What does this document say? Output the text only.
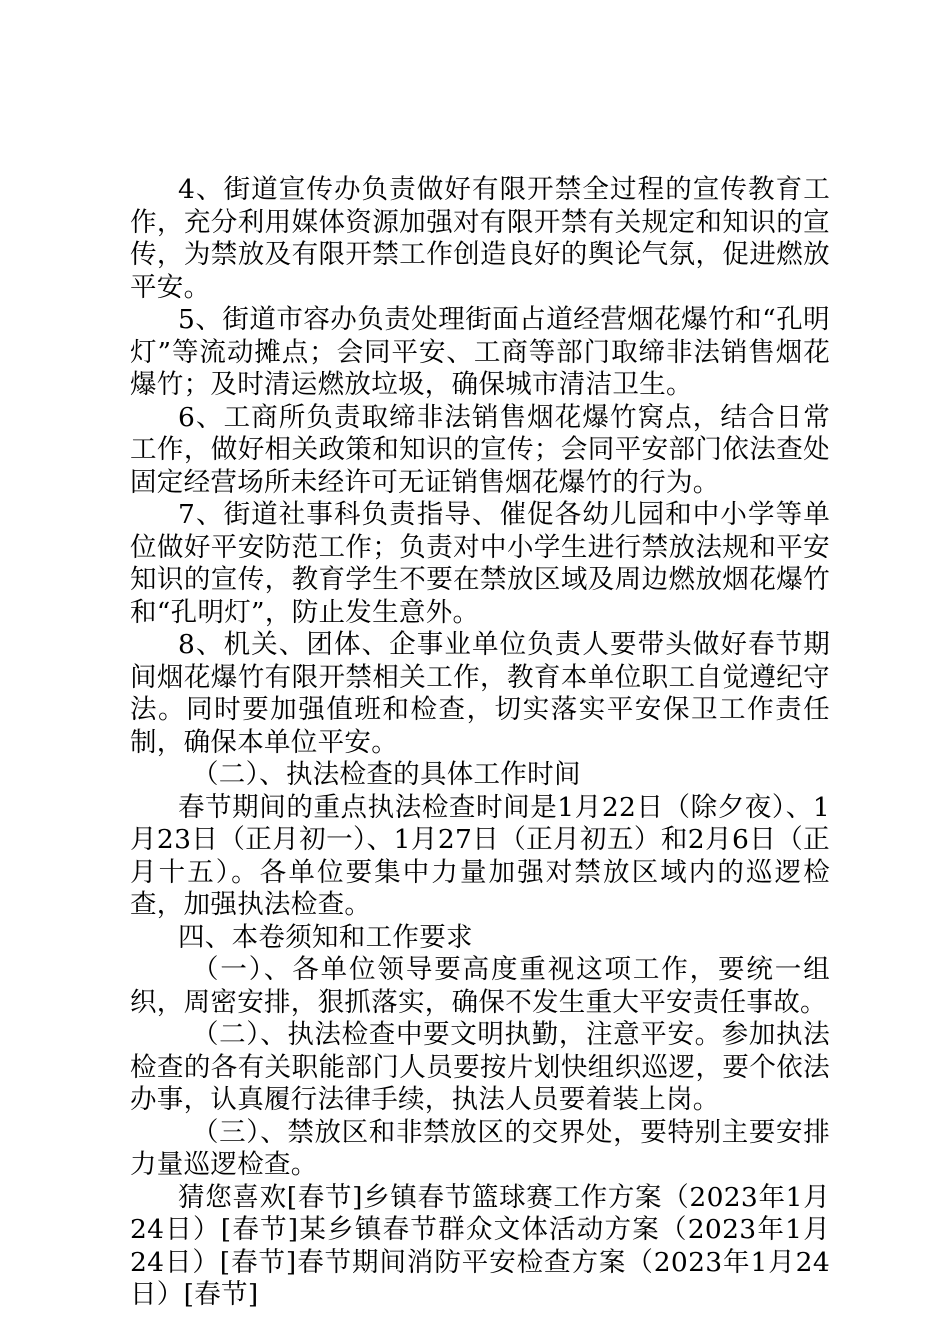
4、街道宣传办负责做好有限开禁全过程的宣传教育工作，充分利用媒体资源加强对有限开禁有关规定和知识的宣传，为禁放及有限开禁工作创造良好的舆论气氛，促进燃放平安。

5、街道市容办负责处理街面占道经营烟花爆竹和“孔明灯”等流动摊点；会同平安、工商等部门取缔非法销售烟花爆竹；及时清运燃放垃圾，确保城市清洁卫生。

6、工商所负责取缔非法销售烟花爆竹窝点，结合日常工作，做好相关政策和知识的宣传；会同平安部门依法查处固定经营场所未经许可无证销售烟花爆竹的行为。

7、街道社事科负责指导、催促各幼儿园和中小学等单位做好平安防范工作；负责对中小学生进行禁放法规和平安知识的宣传，教育学生不要在禁放区域及周边燃放烟花爆竹和“孔明灯”，防止发生意外。

8、机关、团体、企事业单位负责人要带头做好春节期间烟花爆竹有限开禁相关工作，教育本单位职工自觉遵纪守法。同时要加强值班和检查，切实落实平安保卫工作责任制，确保本单位平安。

（二）、执法检查的具体工作时间

春节期间的重点执法检查时间是1月22日（除夕夜）、1月23日（正月初一）、1月27日（正月初五）和2月6日（正月十五）。各单位要集中力量加强对禁放区域内的巡逻检查，加强执法检查。

四、本卷须知和工作要求

（一）、各单位领导要高度重视这项工作，要统一组织，周密安排，狠抓落实，确保不发生重大平安责任事故。

（二）、执法检查中要文明执勤，注意平安。参加执法检查的各有关职能部门人员要按片划快组织巡逻，要个依法办事，认真履行法律手续，执法人员要着装上岗。

（三）、禁放区和非禁放区的交界处，要特别主要安排力量巡逻检查。

猜您喜欢[春节]乡镇春节篮球赛工作方案（2023年1月24日）[春节]某乡镇春节群众文体活动方案（2023年1月24日）[春节]春节期间消防平安检查方案（2023年1月24日）[春节]
